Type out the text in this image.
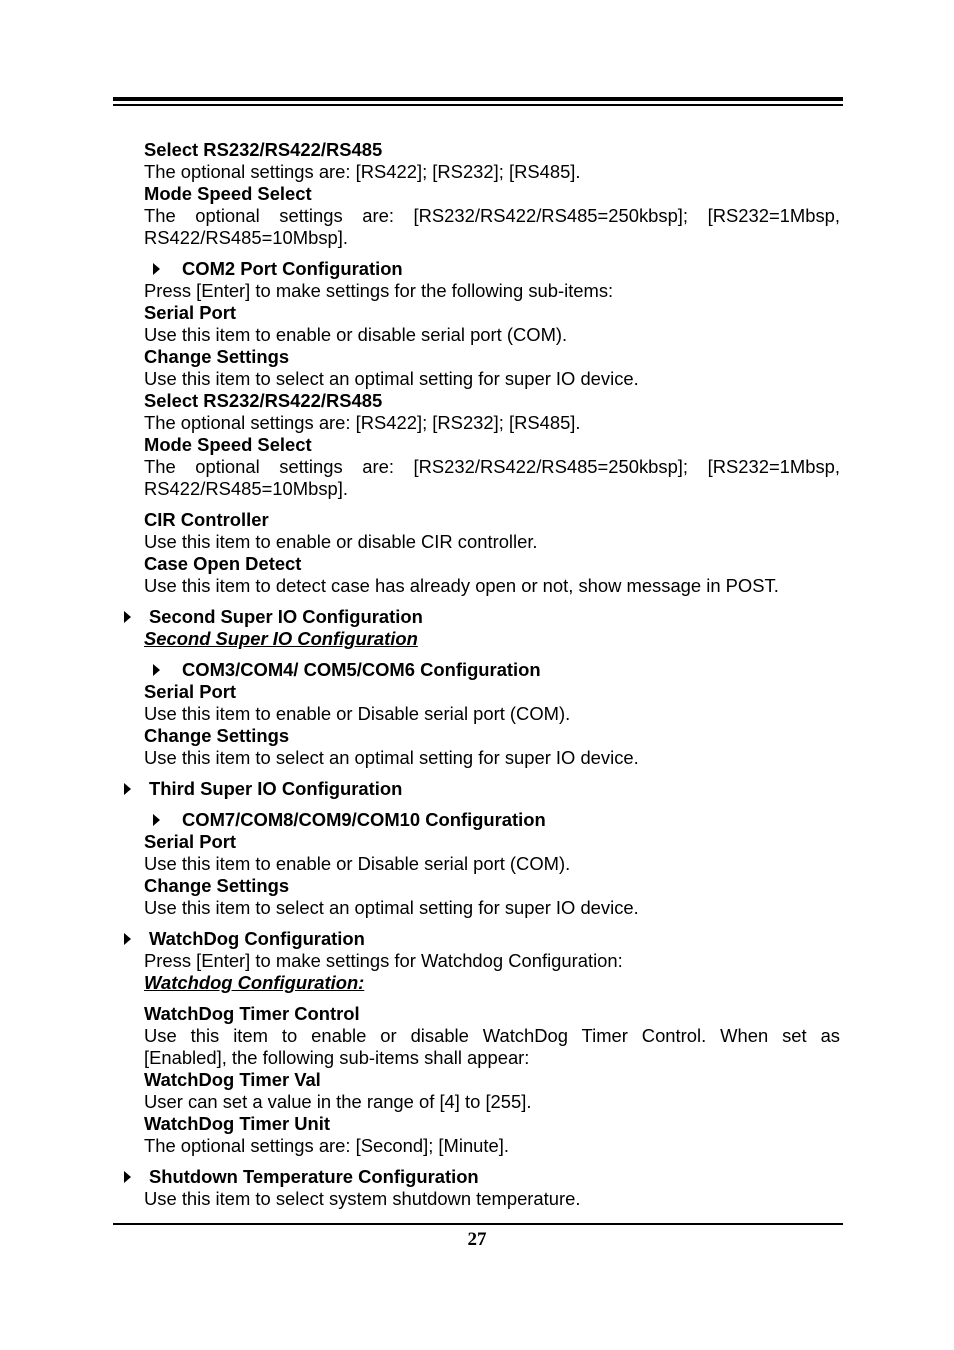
Select RS232/RS422/RS485
The optional settings are: [RS422]; [RS232]; [RS485].
Mode Speed Select
The optional settings are: [RS232/RS422/RS485=250kbsp]; [RS232=1Mbsp,
RS422/RS485=10Mbsp].
COM2 Port Configuration
Press [Enter] to make settings for the following sub-items:
Serial Port
Use this item to enable or disable serial port (COM).
Change Settings
Use this item to select an optimal setting for super IO device.
Select RS232/RS422/RS485
The optional settings are: [RS422]; [RS232]; [RS485].
Mode Speed Select
The optional settings are: [RS232/RS422/RS485=250kbsp]; [RS232=1Mbsp,
RS422/RS485=10Mbsp].
CIR Controller
Use this item to enable or disable CIR controller.
Case Open Detect
Use this item to detect case has already open or not, show message in POST.
Second Super IO Configuration
Second Super IO Configuration
COM3/COM4/ COM5/COM6 Configuration
Serial Port
Use this item to enable or Disable serial port (COM).
Change Settings
Use this item to select an optimal setting for super IO device.
Third Super IO Configuration
COM7/COM8/COM9/COM10 Configuration
Serial Port
Use this item to enable or Disable serial port (COM).
Change Settings
Use this item to select an optimal setting for super IO device.
WatchDog Configuration
Press [Enter] to make settings for Watchdog Configuration:
Watchdog Configuration:
WatchDog Timer Control
Use this item to enable or disable WatchDog Timer Control. When set as
[Enabled], the following sub-items shall appear:
WatchDog Timer Val
User can set a value in the range of [4] to [255].
WatchDog Timer Unit
The optional settings are: [Second]; [Minute].
Shutdown Temperature Configuration
Use this item to select system shutdown temperature.
27
